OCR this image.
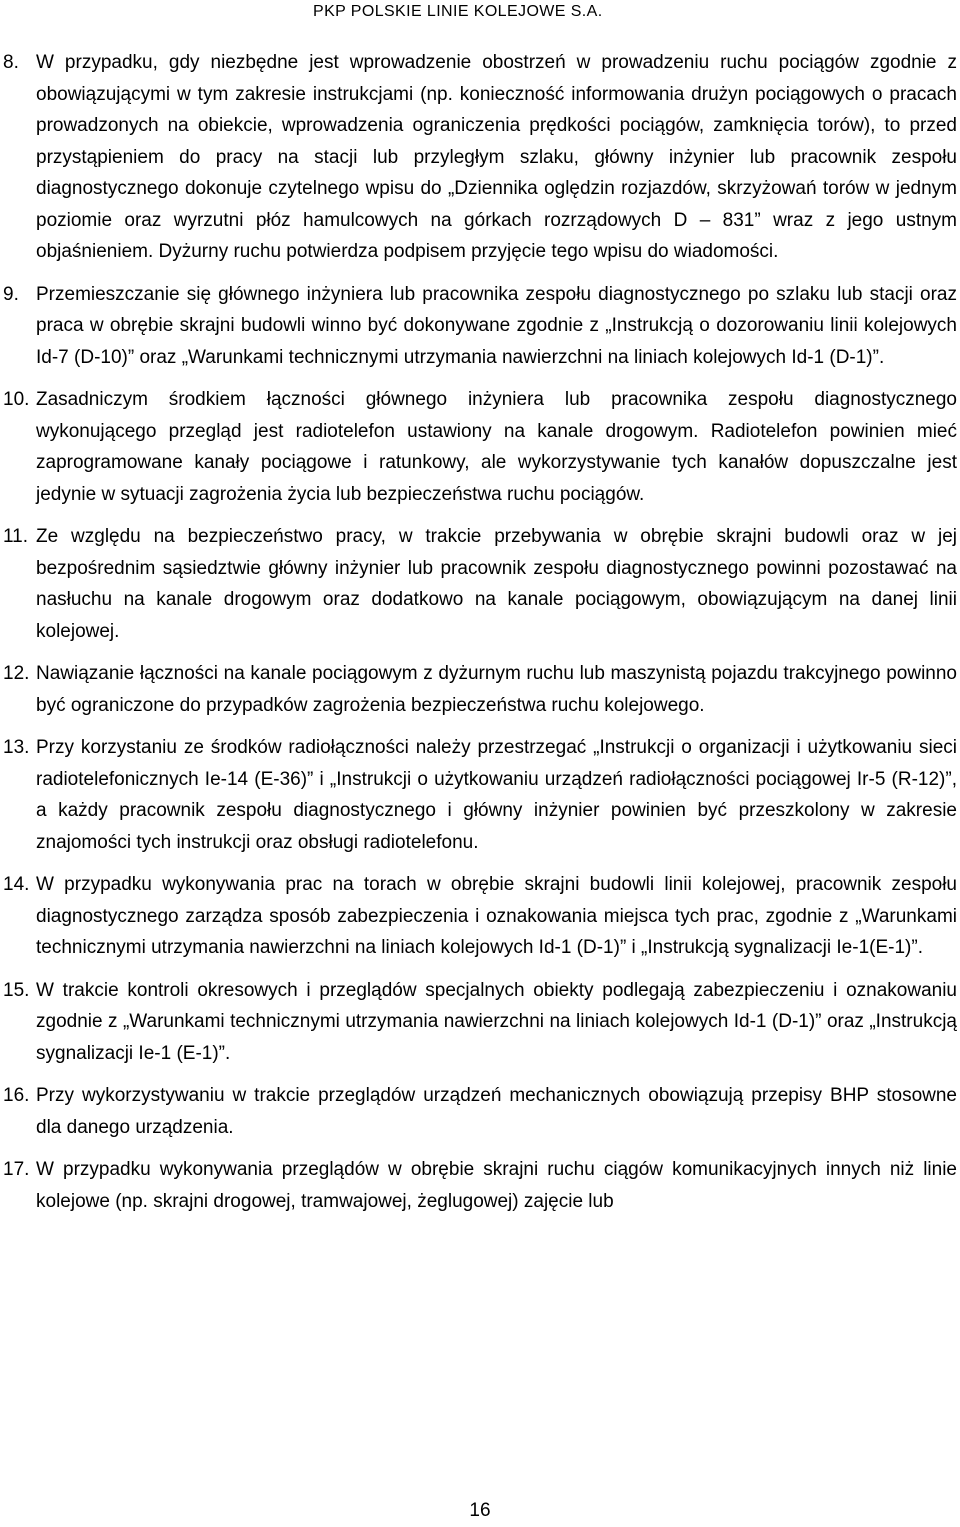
PKP POLSKIE LINIE KOLEJOWE S.A.
8. W przypadku, gdy niezbędne jest wprowadzenie obostrzeń w prowadzeniu ruchu pociągów zgodnie z obowiązującymi w tym zakresie instrukcjami (np. konieczność informowania drużyn pociągowych o pracach prowadzonych na obiekcie, wprowadzenia ograniczenia prędkości pociągów, zamknięcia torów), to przed przystąpieniem do pracy na stacji lub przyległym szlaku, główny inżynier lub pracownik zespołu diagnostycznego dokonuje czytelnego wpisu do „Dziennika oględzin rozjazdów, skrzyżowań torów w jednym poziomie oraz wyrzutni płóz hamulcowych na górkach rozrządowych D – 831” wraz z jego ustnym objaśnieniem. Dyżurny ruchu potwierdza podpisem przyjęcie tego wpisu do wiadomości.
9. Przemieszczanie się głównego inżyniera lub pracownika zespołu diagnostycznego po szlaku lub stacji oraz praca w obrębie skrajni budowli winno być dokonywane zgodnie z „Instrukcją o dozorowaniu linii kolejowych Id-7 (D-10)” oraz „Warunkami technicznymi utrzymania nawierzchni na liniach kolejowych Id-1 (D-1)”.
10. Zasadniczym środkiem łączności głównego inżyniera lub pracownika zespołu diagnostycznego wykonującego przegląd jest radiotelefon ustawiony na kanale drogowym. Radiotelefon powinien mieć zaprogramowane kanały pociągowe i ratunkowy, ale wykorzystywanie tych kanałów dopuszczalne jest jedynie w sytuacji zagrożenia życia lub bezpieczeństwa ruchu pociągów.
11. Ze względu na bezpieczeństwo pracy, w trakcie przebywania w obrębie skrajni budowli oraz w jej bezpośrednim sąsiedztwie główny inżynier lub pracownik zespołu diagnostycznego powinni pozostawać na nasłuchu na kanale drogowym oraz dodatkowo na kanale pociągowym, obowiązującym na danej linii kolejowej.
12. Nawiązanie łączności na kanale pociągowym z dyżurnym ruchu lub maszynistą pojazdu trakcyjnego powinno być ograniczone do przypadków zagrożenia bezpieczeństwa ruchu kolejowego.
13. Przy korzystaniu ze środków radiołączności należy przestrzegać „Instrukcji o organizacji i użytkowaniu sieci radiotelefonicznych Ie-14 (E-36)” i „Instrukcji o użytkowaniu urządzeń radiołączności pociągowej Ir-5 (R-12)”, a każdy pracownik zespołu diagnostycznego i główny inżynier powinien być przeszkolony w zakresie znajomości tych instrukcji oraz obsługi radiotelefonu.
14. W przypadku wykonywania prac na torach w obrębie skrajni budowli linii kolejowej, pracownik zespołu diagnostycznego zarządza sposób zabezpieczenia i oznakowania miejsca tych prac, zgodnie z „Warunkami technicznymi utrzymania nawierzchni na liniach kolejowych Id-1 (D-1)” i „Instrukcją sygnalizacji Ie-1(E-1)”.
15. W trakcie kontroli okresowych i przeglądów specjalnych obiekty podlegają zabezpieczeniu i oznakowaniu zgodnie z „Warunkami technicznymi utrzymania nawierzchni na liniach kolejowych Id-1 (D-1)” oraz „Instrukcją sygnalizacji Ie-1 (E-1)”.
16. Przy wykorzystywaniu w trakcie przeglądów urządzeń mechanicznych obowiązują przepisy BHP stosowne dla danego urządzenia.
17. W przypadku wykonywania przeglądów w obrębie skrajni ruchu ciągów komunikacyjnych innych niż linie kolejowe (np. skrajni drogowej, tramwajowej, żeglugowej) zajęcie lub
16
